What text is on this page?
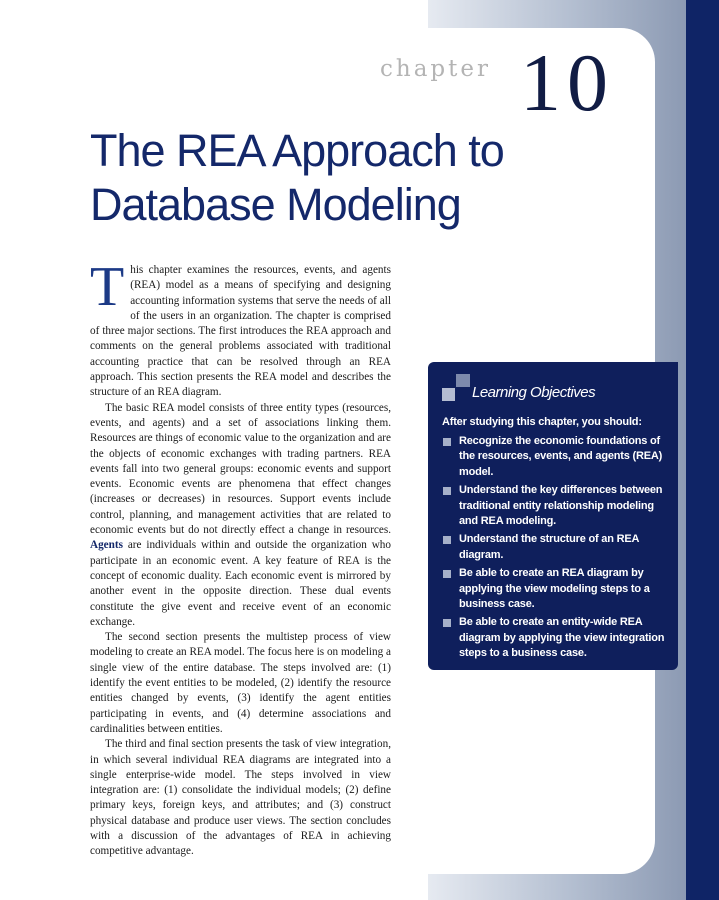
chapter 10
The REA Approach to
Database Modeling

This chapter examines the resources, events, and agents (REA) model as a means of specifying and designing accounting information systems that serve the needs of all of the users in an organization. The chapter is comprised of three major sections. The first introduces the REA approach and comments on the general problems associated with traditional accounting practice that can be resolved through an REA approach. This section presents the REA model and describes the structure of an REA diagram.

The basic REA model consists of three entity types (resources, events, and agents) and a set of associations linking them. Resources are things of economic value to the organization and are the objects of economic exchanges with trading partners. REA events fall into two general groups: economic events and support events. Economic events are phenomena that effect changes (increases or decreases) in resources. Support events include control, planning, and management activities that are related to economic events but do not directly effect a change in resources. Agents are individuals within and outside the organization who participate in an economic event. A key feature of REA is the concept of economic duality. Each economic event is mirrored by another event in the opposite direction. These dual events constitute the give event and receive event of an economic exchange.

The second section presents the multistep process of view modeling to create an REA model. The focus here is on modeling a single view of the entire database. The steps involved are: (1) identify the event entities to be modeled, (2) identify the resource entities changed by events, (3) identify the agent entities participating in events, and (4) determine associations and cardinalities between entities.

The third and final section presents the task of view integration, in which several individual REA diagrams are integrated into a single enterprise-wide model. The steps involved in view integration are: (1) consolidate the individual models; (2) define primary keys, foreign keys, and attributes; and (3) construct physical database and produce user views. The section concludes with a discussion of the advantages of REA in achieving competitive advantage.

Learning Objectives

After studying this chapter, you should:

Recognize the economic foundations of the resources, events, and agents (REA) model.
Understand the key differences between traditional entity relationship modeling and REA modeling.
Understand the structure of an REA diagram.
Be able to create an REA diagram by applying the view modeling steps to a business case.
Be able to create an entity-wide REA diagram by applying the view integration steps to a business case.
